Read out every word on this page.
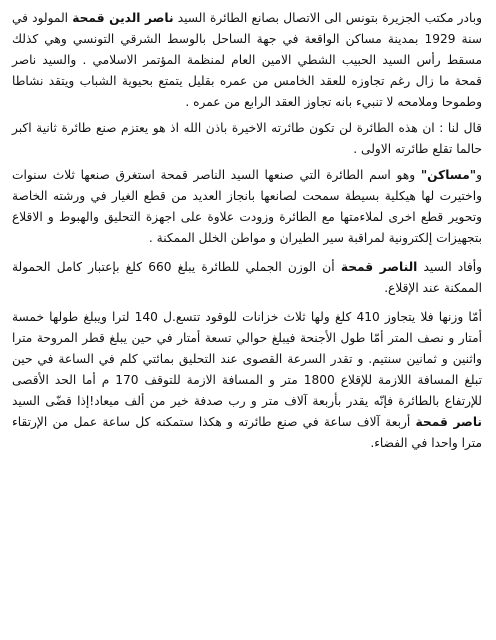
وبادر مكتب الجزيرة بتونس الى الاتصال بصانع الطائرة السيد ناصر الدين قمحة المولود في سنة 1929 بمدينة مساكن الواقعة في جهة الساحل بالوسط الشرقي التونسي وهي كذلك مسقط رأس السيد الحبيب الشطي الامين العام لمنظمة المؤتمر الاسلامي . والسيد ناصر قمحة ما زال رغم تجاوزه للعقد الخامس من عمره بقليل يتمتع بحيوية الشباب ويتقد نشاطا وطموحا وملامحه لا تنبيء بانه تجاوز العقد الرابع من عمره .

قال لنا : ان هذه الطائرة لن تكون طائرته الاخيرة باذن الله اذ هو يعتزم صنع طائرة ثانية اكبر حالما تقلع طائرته الاولى .

و"مساكن" وهو اسم الطائرة التي صنعها السيد الناصر قمحة استغرق صنعها ثلاث سنوات واختيرت لها هيكلية بسيطة سمحت لصانعها بانجاز العديد من قطع الغيار في ورشته الخاصة وتحوير قطع اخرى لملاءمتها مع الطائرة وزودت علاوة على اجهزة التحليق والهبوط و الاقلاع بتجهيزات إلكترونية لمراقبة سير الطيران و مواطن الخلل الممكنة .

وأفاد السيد الناصر قمحة أن الوزن الجملي للطائرة يبلغ 660 كلغ بإعتبار كامل الحمولة الممكنة عند الإقلاع.

أمّا وزنها فلا يتجاوز 410 كلغ ولها ثلاث خزانات للوقود تتسع.ل 140 لترا ويبلغ طولها خمسة أمتار و نصف المتر أمّا طول الأجنحة فيبلغ حوالي تسعة أمتار في حين يبلغ قطر المروحة مترا واثنين و ثمانين سنتيم. و تقدر السرعة القصوى عند التحليق بمائتي كلم في الساعة في حين تبلغ المسافة اللازمة للإقلاع 1800 متر و المسافة الازمة للتوقف 170 م أما الحد الأقصى للإرتفاع بالطائرة فإنّه يقدر بأربعة آلاف متر و رب صدفة خير من ألف ميعاد!إذا قضّى السيد ناصر قمحة أربعة آلاف ساعة في صنع طائرته و هكذا ستمكنه كل ساعة عمل من الإرتقاء مترا واحدا في الفضاء.
